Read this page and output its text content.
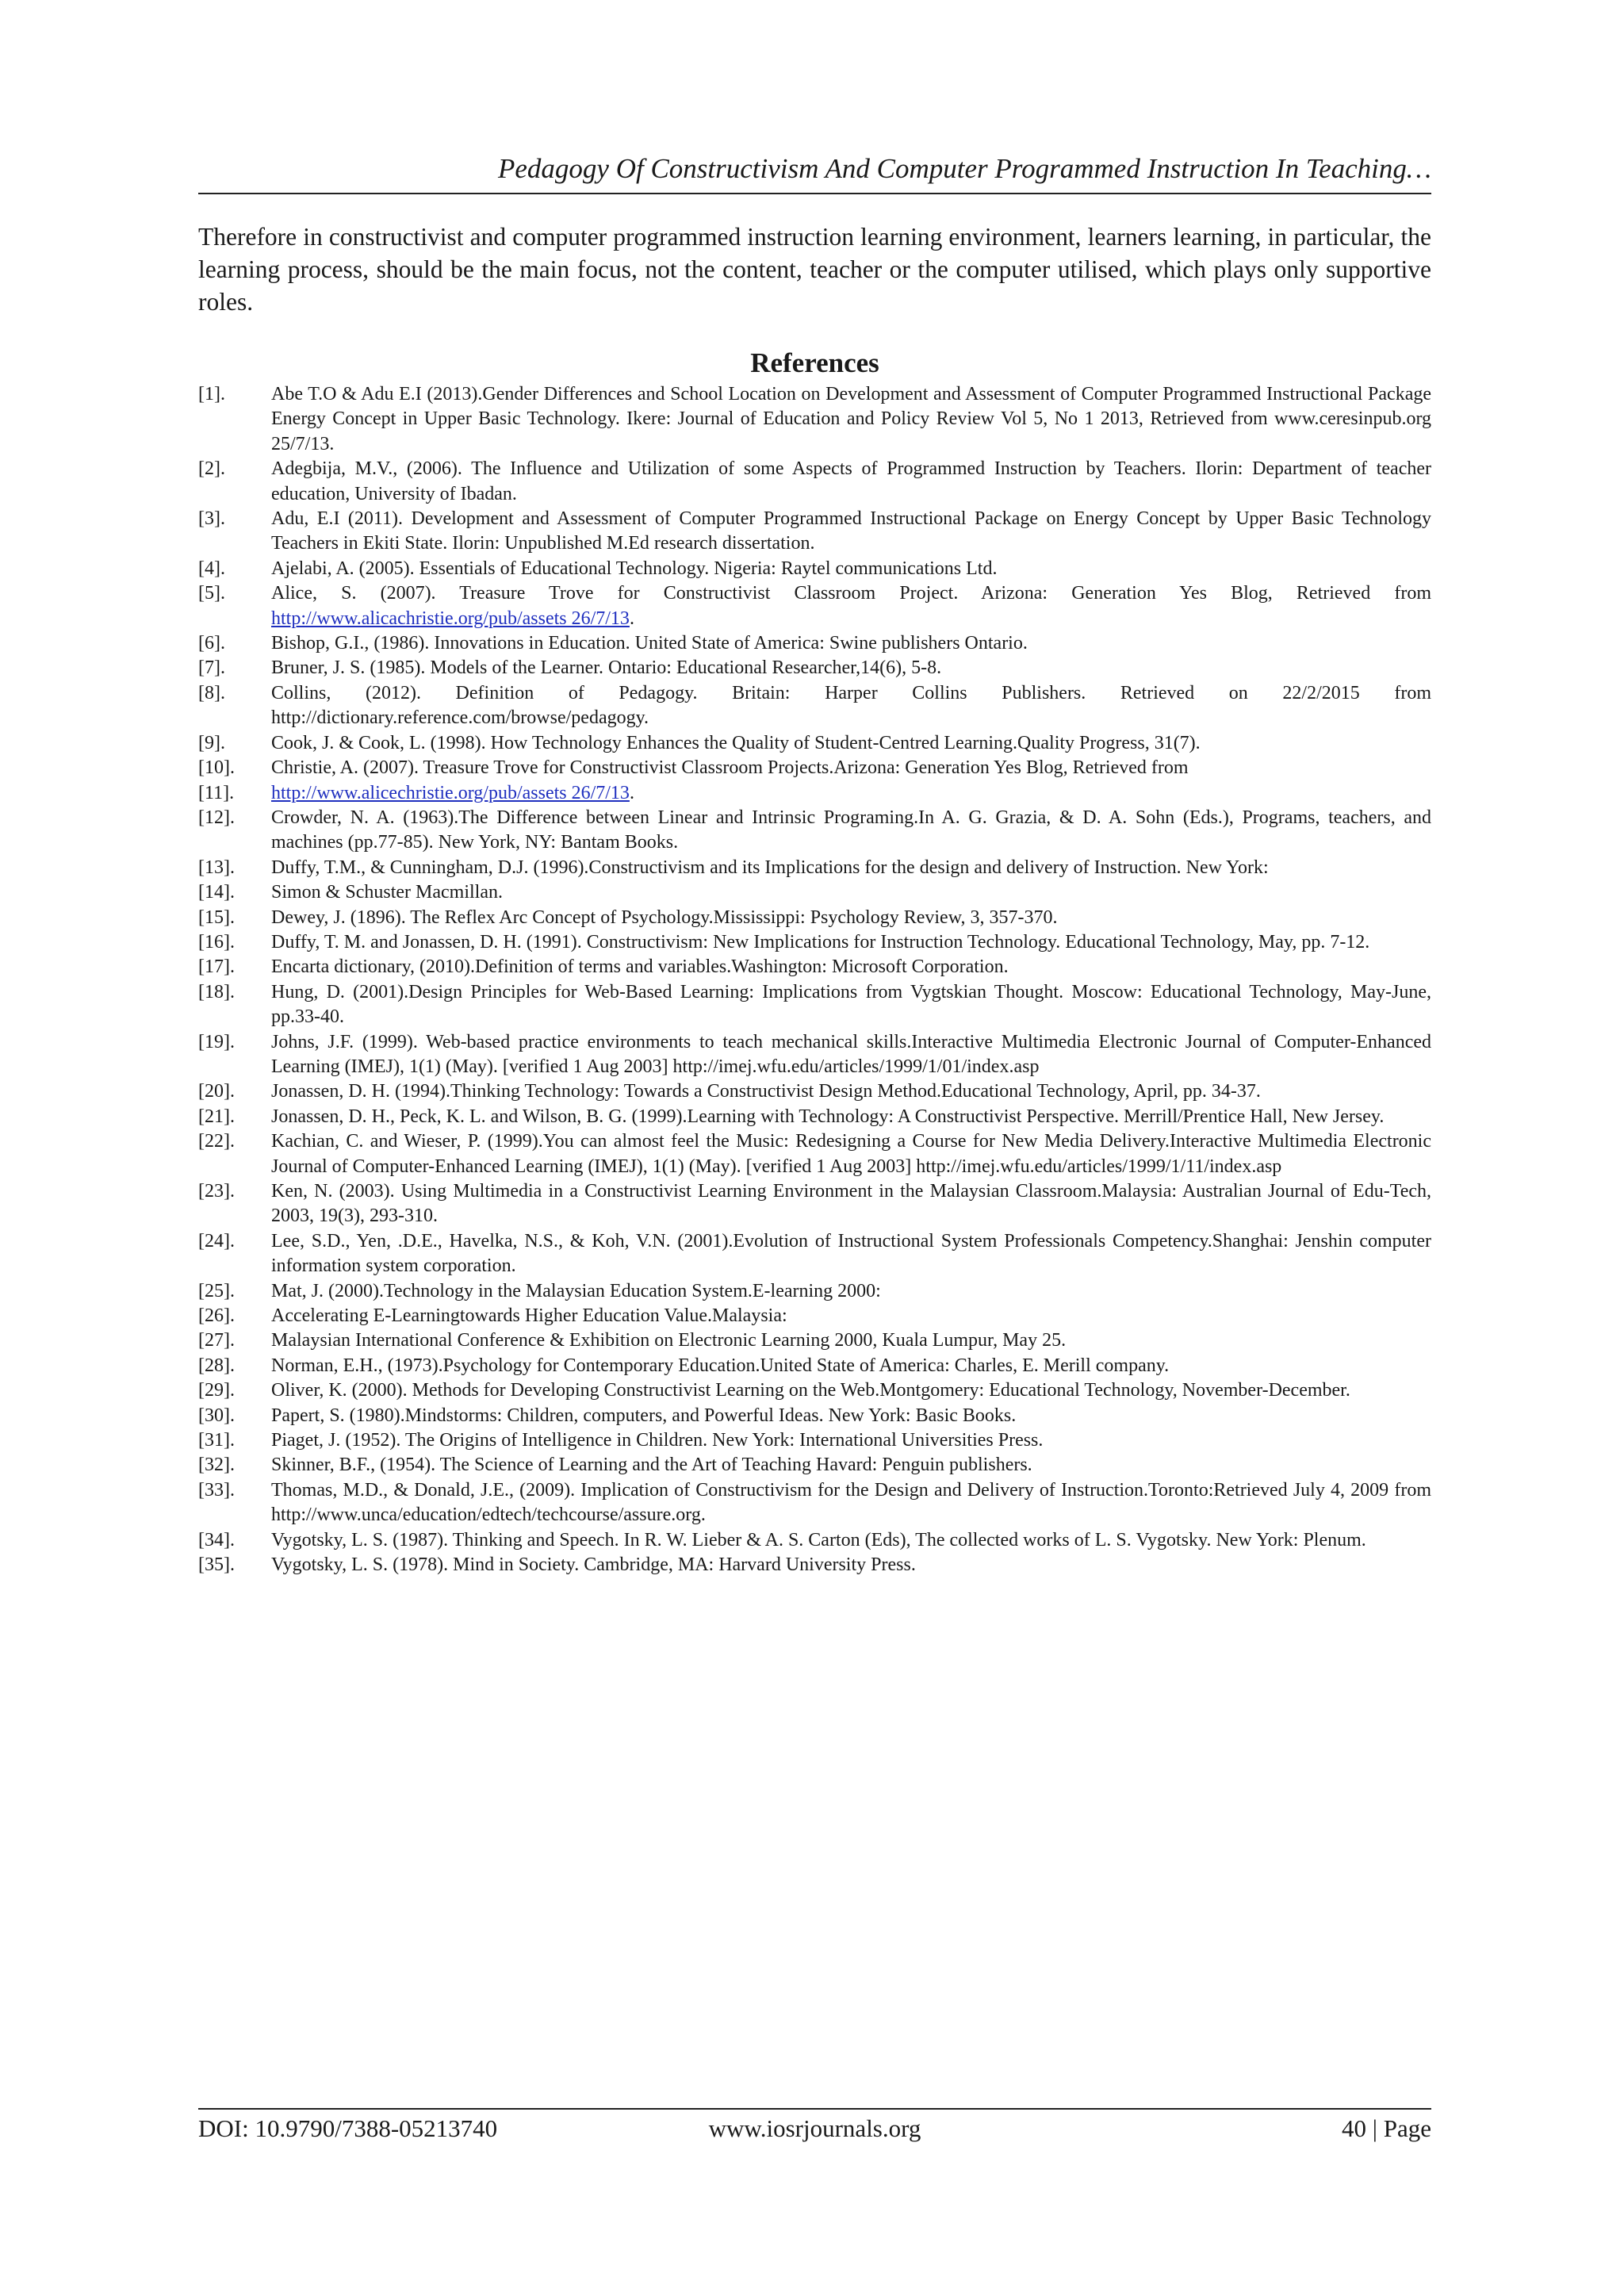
Pedagogy Of Constructivism And Computer Programmed Instruction In Teaching…

Therefore in constructivist and computer programmed instruction learning environment, learners learning, in particular, the learning process, should be the main focus, not the content, teacher or the computer utilised, which plays only supportive roles.

References
[1]. Abe T.O & Adu E.I (2013).Gender Differences and School Location on Development and Assessment of Computer Programmed Instructional Package Energy Concept in Upper Basic Technology. Ikere: Journal of Education and Policy Review Vol 5, No 1 2013, Retrieved from www.ceresinpub.org 25/7/13.
[2]. Adegbija, M.V., (2006). The Influence and Utilization of some Aspects of Programmed Instruction by Teachers. Ilorin: Department of teacher education, University of Ibadan.
[3]. Adu, E.I (2011). Development and Assessment of Computer Programmed Instructional Package on Energy Concept by Upper Basic Technology Teachers in Ekiti State. Ilorin: Unpublished M.Ed research dissertation.
[4]. Ajelabi, A. (2005). Essentials of Educational Technology. Nigeria: Raytel communications Ltd.
[5]. Alice, S. (2007). Treasure Trove for Constructivist Classroom Project. Arizona: Generation Yes Blog, Retrieved from http://www.alicachristie.org/pub/assets 26/7/13.
[6]. Bishop, G.I., (1986). Innovations in Education. United State of America: Swine publishers Ontario.
[7]. Bruner, J. S. (1985). Models of the Learner. Ontario: Educational Researcher,14(6), 5-8.
[8]. Collins, (2012). Definition of Pedagogy. Britain: Harper Collins Publishers. Retrieved on 22/2/2015 from http://dictionary.reference.com/browse/pedagogy.
[9]. Cook, J. & Cook, L. (1998). How Technology Enhances the Quality of Student-Centred Learning.Quality Progress, 31(7).
[10]. Christie, A. (2007). Treasure Trove for Constructivist Classroom Projects.Arizona: Generation Yes Blog, Retrieved from
[11]. http://www.alicechristie.org/pub/assets 26/7/13.
[12]. Crowder, N. A. (1963).The Difference between Linear and Intrinsic Programing.In A. G. Grazia, & D. A. Sohn (Eds.), Programs, teachers, and machines (pp.77-85). New York, NY: Bantam Books.
[13]. Duffy, T.M., & Cunningham, D.J. (1996).Constructivism and its Implications for the design and delivery of Instruction. New York:
[14]. Simon & Schuster Macmillan.
[15]. Dewey, J. (1896). The Reflex Arc Concept of Psychology.Mississippi: Psychology Review, 3, 357-370.
[16]. Duffy, T. M. and Jonassen, D. H. (1991). Constructivism: New Implications for Instruction Technology. Educational Technology, May, pp. 7-12.
[17]. Encarta dictionary, (2010).Definition of terms and variables.Washington: Microsoft Corporation.
[18]. Hung, D. (2001).Design Principles for Web-Based Learning: Implications from Vygtskian Thought. Moscow: Educational Technology, May-June, pp.33-40.
[19]. Johns, J.F. (1999). Web-based practice environments to teach mechanical skills.Interactive Multimedia Electronic Journal of Computer-Enhanced Learning (IMEJ), 1(1) (May). [verified 1 Aug 2003] http://imej.wfu.edu/articles/1999/1/01/index.asp
[20]. Jonassen, D. H. (1994).Thinking Technology: Towards a Constructivist Design Method.Educational Technology, April, pp. 34-37.
[21]. Jonassen, D. H., Peck, K. L. and Wilson, B. G. (1999).Learning with Technology: A Constructivist Perspective. Merrill/Prentice Hall, New Jersey.
[22]. Kachian, C. and Wieser, P. (1999).You can almost feel the Music: Redesigning a Course for New Media Delivery.Interactive Multimedia Electronic Journal of Computer-Enhanced Learning (IMEJ), 1(1) (May). [verified 1 Aug 2003] http://imej.wfu.edu/articles/1999/1/11/index.asp
[23]. Ken, N. (2003). Using Multimedia in a Constructivist Learning Environment in the Malaysian Classroom.Malaysia: Australian Journal of Edu-Tech, 2003, 19(3), 293-310.
[24]. Lee, S.D., Yen, .D.E., Havelka, N.S., & Koh, V.N. (2001).Evolution of Instructional System Professionals Competency.Shanghai: Jenshin computer information system corporation.
[25]. Mat, J. (2000).Technology in the Malaysian Education System.E-learning 2000:
[26]. Accelerating E-Learningtowards Higher Education Value.Malaysia:
[27]. Malaysian International Conference & Exhibition on Electronic Learning 2000, Kuala Lumpur, May 25.
[28]. Norman, E.H., (1973).Psychology for Contemporary Education.United State of America: Charles, E. Merill company.
[29]. Oliver, K. (2000). Methods for Developing Constructivist Learning on the Web.Montgomery: Educational Technology, November-December.
[30]. Papert, S. (1980).Mindstorms: Children, computers, and Powerful Ideas. New York: Basic Books.
[31]. Piaget, J. (1952). The Origins of Intelligence in Children. New York: International Universities Press.
[32]. Skinner, B.F., (1954). The Science of Learning and the Art of Teaching Havard: Penguin publishers.
[33]. Thomas, M.D., & Donald, J.E., (2009). Implication of Constructivism for the Design and Delivery of Instruction.Toronto:Retrieved July 4, 2009 from http://www.unca/education/edtech/techcourse/assure.org.
[34]. Vygotsky, L. S. (1987). Thinking and Speech. In R. W. Lieber & A. S. Carton (Eds), The collected works of L. S. Vygotsky. New York: Plenum.
[35]. Vygotsky, L. S. (1978). Mind in Society. Cambridge, MA: Harvard University Press.
DOI: 10.9790/7388-05213740	www.iosrjournals.org	40 | Page
